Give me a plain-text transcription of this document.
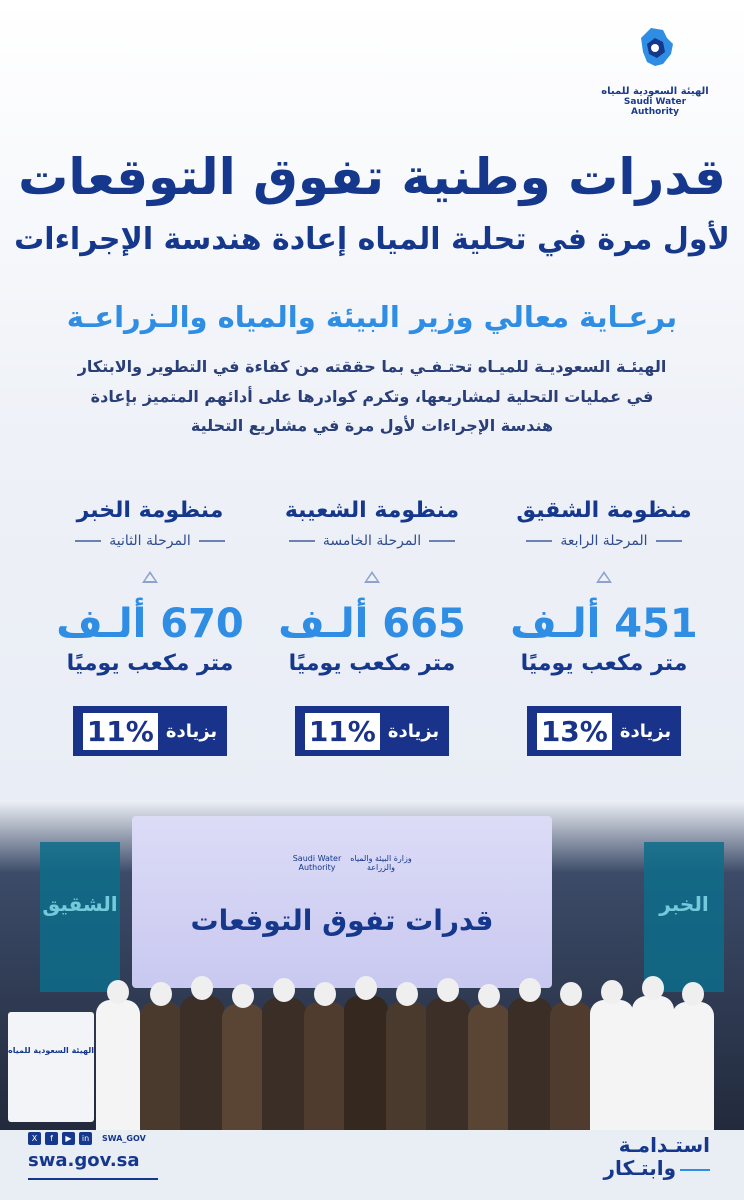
الهيئة السعودية للمياه
Saudi Water Authority
قدرات وطنية تفوق التوقعات
لأول مرة في تحلية المياه إعادة هندسة الإجراءات
برعـاية معالي وزير البيئة والمياه والـزراعـة
الهيئـة السعوديـة للميـاه تحتـفـي بما حققته من كفاءة في التطوير والابتكار في عمليات التحلية لمشاريعها، وتكرم كوادرها على أدائهم المتميز بإعادة هندسة الإجراءات لأول مرة في مشاريع التحلية
منظومة الشقيق
المرحلة الرابعة
451 ألـف
متر مكعب يوميًا
بزيادة
13%
منظومة الشعيبة
المرحلة الخامسة
665 ألـف
متر مكعب يوميًا
بزيادة
11%
منظومة الخبر
المرحلة الثانية
670 ألـف
متر مكعب يوميًا
بزيادة
11%
الشقيق	الخبر
Saudi Water Authority
وزارة البيئة والمياه والزراعة
قدرات تفوق التوقعات
الهيئة السعودية للمياه
X	f	▶	in	SWA_GOV
swa.gov.sa
استـدامـة
وابتـكار
